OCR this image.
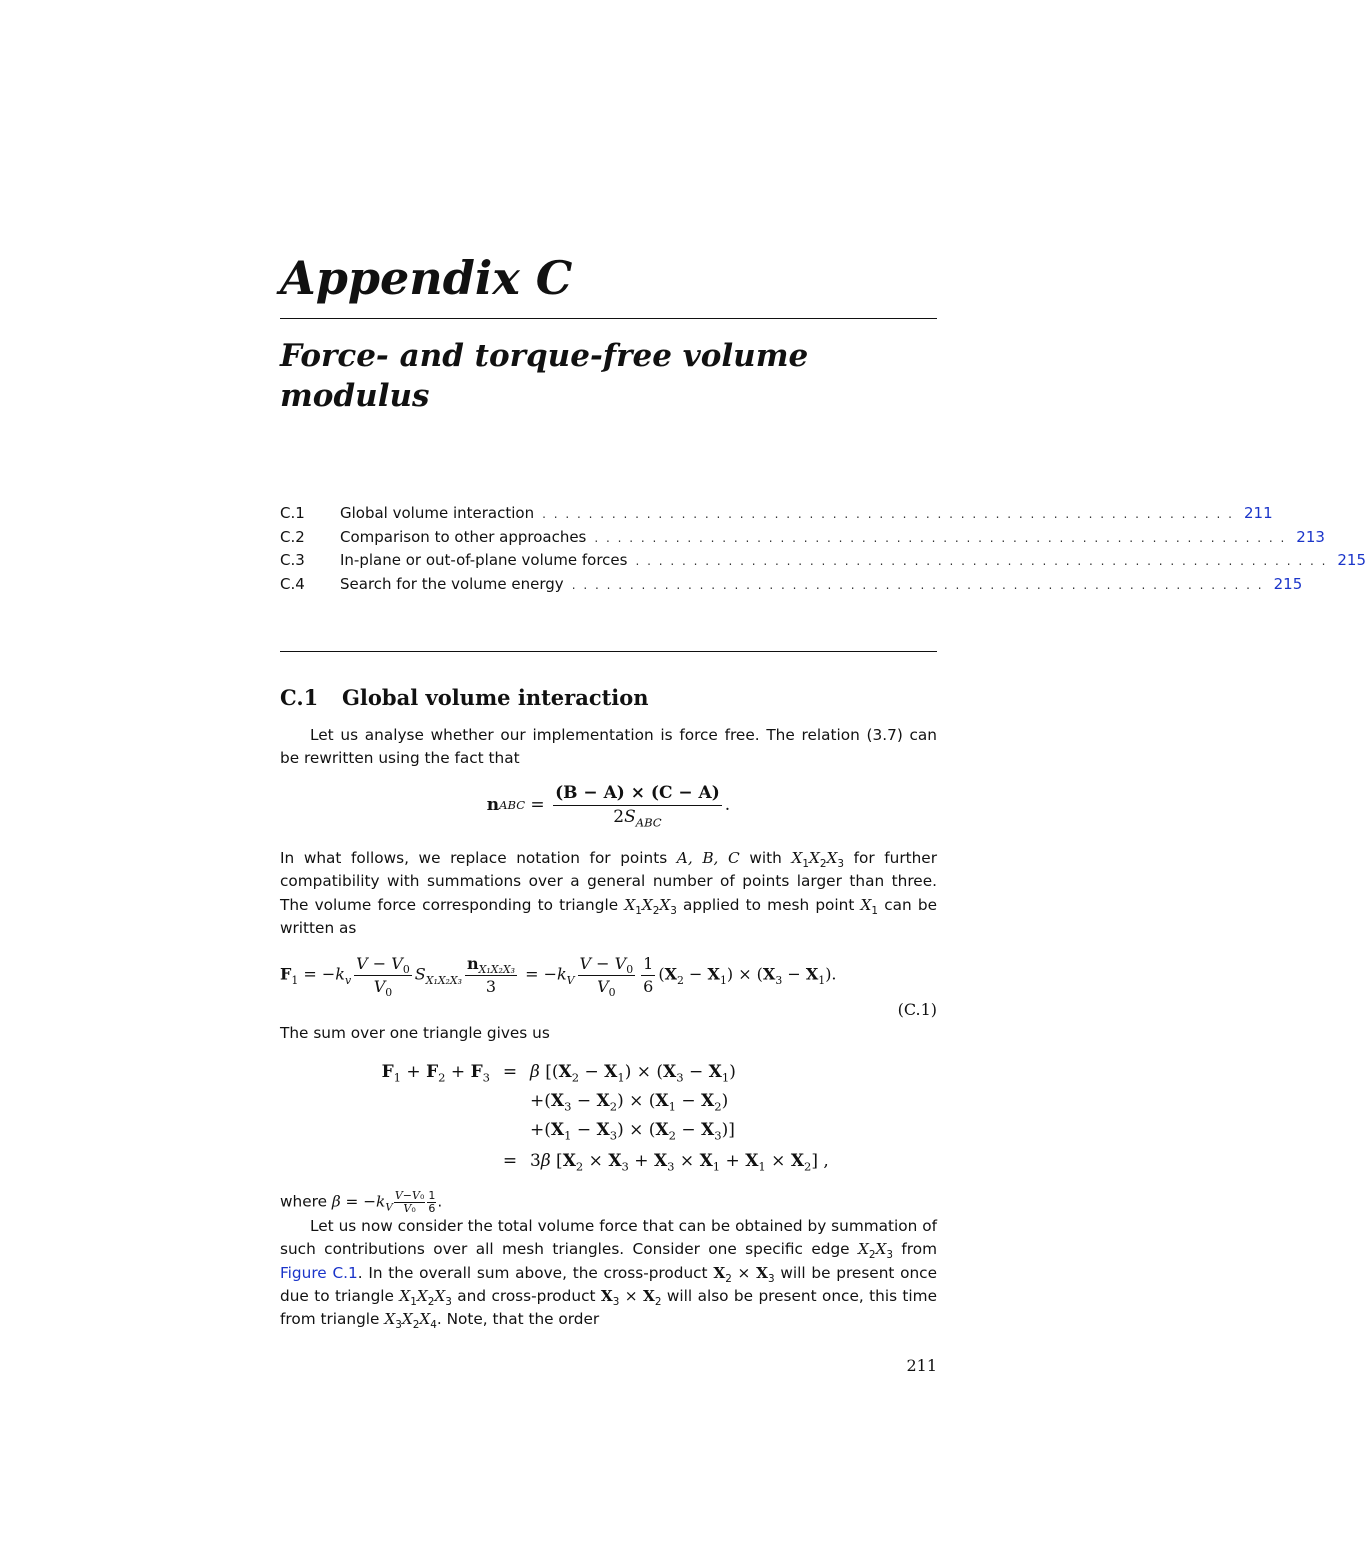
Appendix C
Force- and torque-free volume modulus
C.1	Global volume interaction . . . . . . . . . . . . . . . . . . . . . . . . . . . . . . . . . . . . . . . . . . . . . . . . . . . . . . . . . . . . 211
C.2	Comparison to other approaches . . . . . . . . . . . . . . . . . . . . . . . . . . . . . . . . . . . . . . . . . . . . . . . . . . . . . . . . . . . . 213
C.3	In-plane or out-of-plane volume forces . . . . . . . . . . . . . . . . . . . . . . . . . . . . . . . . . . . . . . . . . . . . . . . . . . . . . . . . . . . . 215
C.4	Search for the volume energy . . . . . . . . . . . . . . . . . . . . . . . . . . . . . . . . . . . . . . . . . . . . . . . . . . . . . . . . . . . . 215
C.1 Global volume interaction

Let us analyse whether our implementation is force free. The relation (3.7) can be rewritten using the fact that

n ABC = $\frac{(B - A) \times (C - A)}{2S_{ABC}}$ .

In what follows, we replace notation for points A, B, C with $X_1X_2X_3$ for further compatibility with summations over a general number of points larger than three. The volume force corresponding to triangle $X_1X_2X_3$ applied to mesh point $X_1$ can be written as

$F_1 = -k_v \frac{V - V_0}{V_0} S_{X_1X_2X_3} \frac{n_{X_1X_2X_3}}{3} = -k_V \frac{V - V_0}{V_0} \frac{1}{6} (X_2 - X_1) \times (X_3 - X_1)$.
(C.1)

The sum over one triangle gives us

$F_1 + F_2 + F_3 = \beta$ [$(X_2 - X_1) \times (X_3 - X_1)$
$+(X_3 - X_2) \times (X_1 - X_2)$
$+(X_1 - X_3) \times (X_2 - X_3)$]
= 3β $[X_2 \times X_3 + X_3 \times X_1 + X_1 \times X_2]$ ,

where $\beta = -k_V \frac{\text{V−V₀}}{\text{V₀}} \frac{1}{6}$ .

Let us now consider the total volume force that can be obtained by summation of such contributions over all mesh triangles. Consider one specific edge $X_2X_3$ from Figure C.1. In the overall sum above, the cross-product $X_2 \times X_3$ will be present once due to triangle $X_1X_2X_3$ and cross-product $X_3 \times X_2$ will also be present once, this time from triangle $X_3X_2X_4$. Note, that the order

211
